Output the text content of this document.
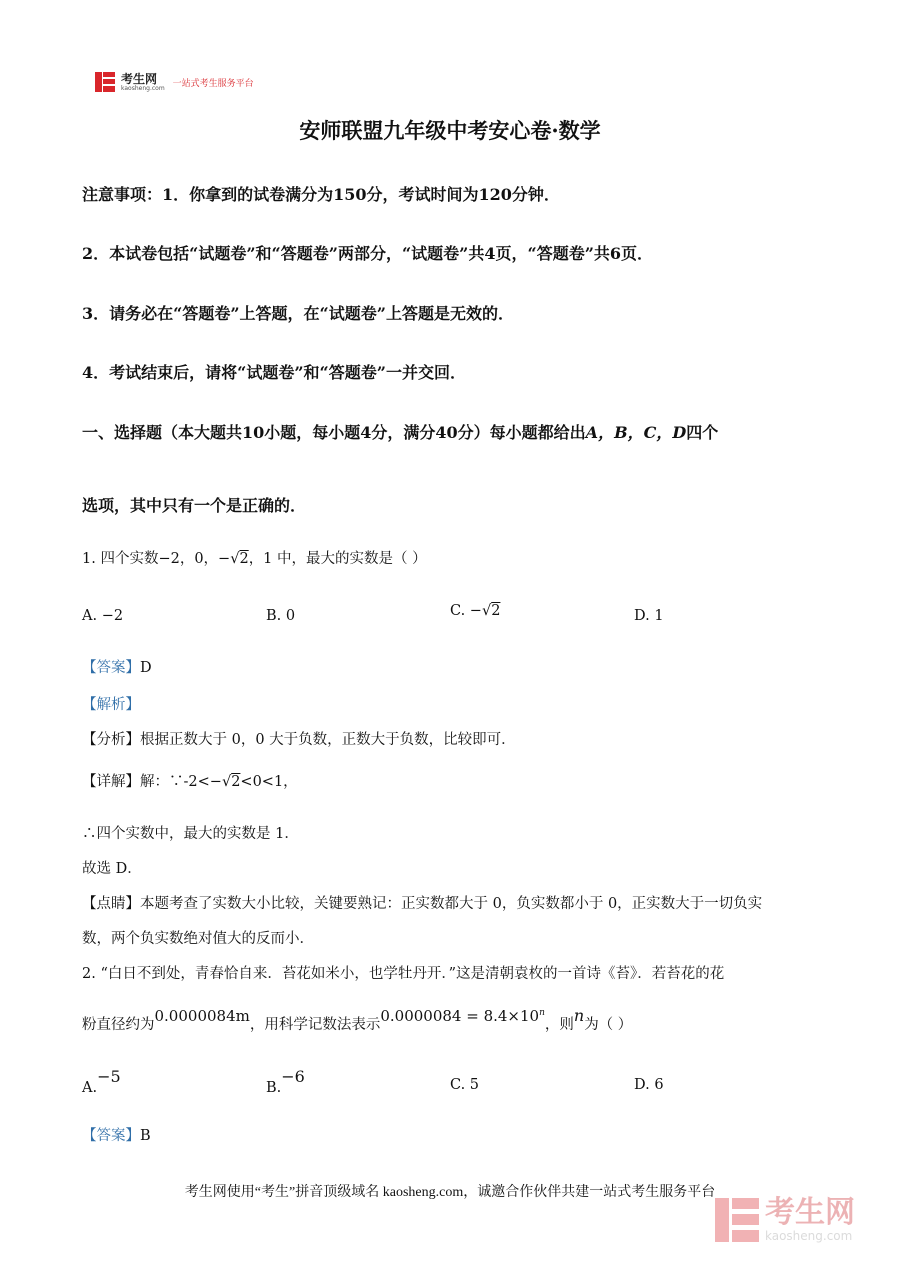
考生网
kaosheng.com 一站式考生服务平台
安师联盟九年级中考安心卷·数学
注意事项：1．你拿到的试卷满分为150分，考试时间为120分钟．
2．本试卷包括“试题卷”和“答题卷”两部分，“试题卷”共4页，“答题卷”共6页．
3．请务必在“答题卷”上答题，在“试题卷”上答题是无效的．
4．考试结束后，请将“试题卷”和“答题卷”一并交回．
一、选择题（本大题共10小题，每小题4分，满分40分）每小题都给出A，B，C，D四个
选项，其中只有一个是正确的．
1. 四个实数−2，0，−√2，1 中，最大的实数是（ ）
A. −2	B. 0	C. −√2	D. 1
【答案】D
【解析】
【分析】根据正数大于 0，0 大于负数，正数大于负数，比较即可．
【详解】解：∵-2<−√2<0<1，
∴四个实数中，最大的实数是 1．
故选 D．
【点睛】本题考查了实数大小比较，关键要熟记：正实数都大于 0，负实数都小于 0，正实数大于一切负实
数，两个负实数绝对值大的反而小．
2. “白日不到处，青春恰自来．苔花如米小，也学牡丹开．”这是清朝袁枚的一首诗《苔》．若苔花的花
粉直径约为0.0000084m，用科学记数法表示$0.0000084 = 8.4\times 10^n$，则n为（ ）
A.−5
B.−6	C. 5	D. 6
【答案】B
考生网使用“考生”拼音顶级域名 kaosheng.com，诚邀合作伙伴共建一站式考生服务平台
考生网
kaosheng.com
